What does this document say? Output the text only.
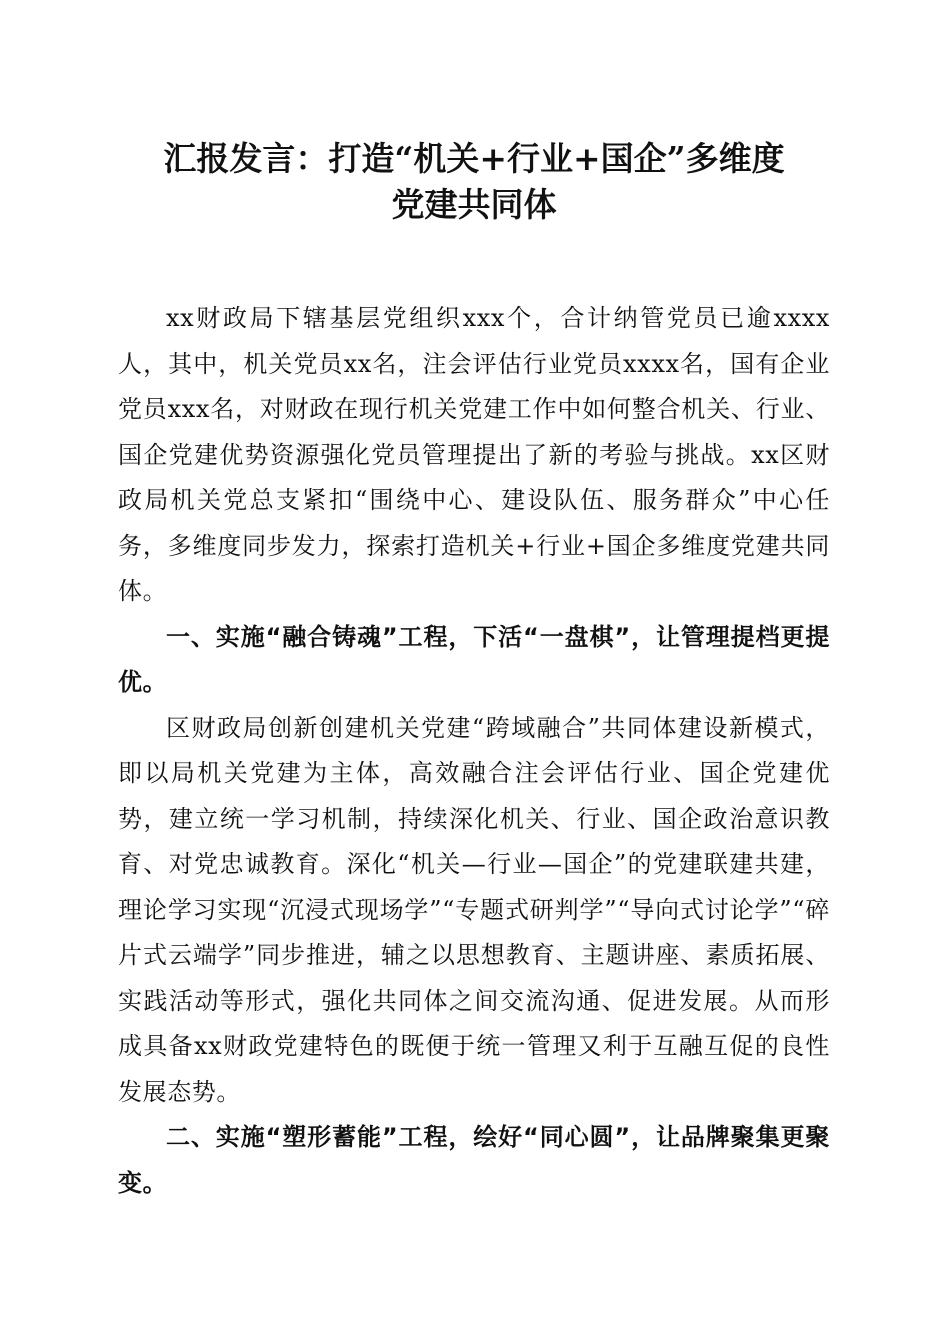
汇报发言：打造“机关+行业+国企”多维度
党建共同体

xx财政局下辖基层党组织xxx个，合计纳管党员已逾xxxx人，其中，机关党员xx名，注会评估行业党员xxxx名，国有企业党员xxx名，对财政在现行机关党建工作中如何整合机关、行业、国企党建优势资源强化党员管理提出了新的考验与挑战。xx区财政局机关党总支紧扣“围绕中心、建设队伍、服务群众”中心任务，多维度同步发力，探索打造机关+行业+国企多维度党建共同体。

一、实施“融合铸魂”工程，下活“一盘棋”，让管理提档更提优。

区财政局创新创建机关党建“跨域融合”共同体建设新模式，即以局机关党建为主体，高效融合注会评估行业、国企党建优势，建立统一学习机制，持续深化机关、行业、国企政治意识教育、对党忠诚教育。深化“机关—行业—国企”的党建联建共建，理论学习实现“沉浸式现场学”“专题式研判学”“导向式讨论学”“碎片式云端学”同步推进，辅之以思想教育、主题讲座、素质拓展、实践活动等形式，强化共同体之间交流沟通、促进发展。从而形成具备xx财政党建特色的既便于统一管理又利于互融互促的良性发展态势。

二、实施“塑形蓄能”工程，绘好“同心圆”，让品牌聚集更聚变。
